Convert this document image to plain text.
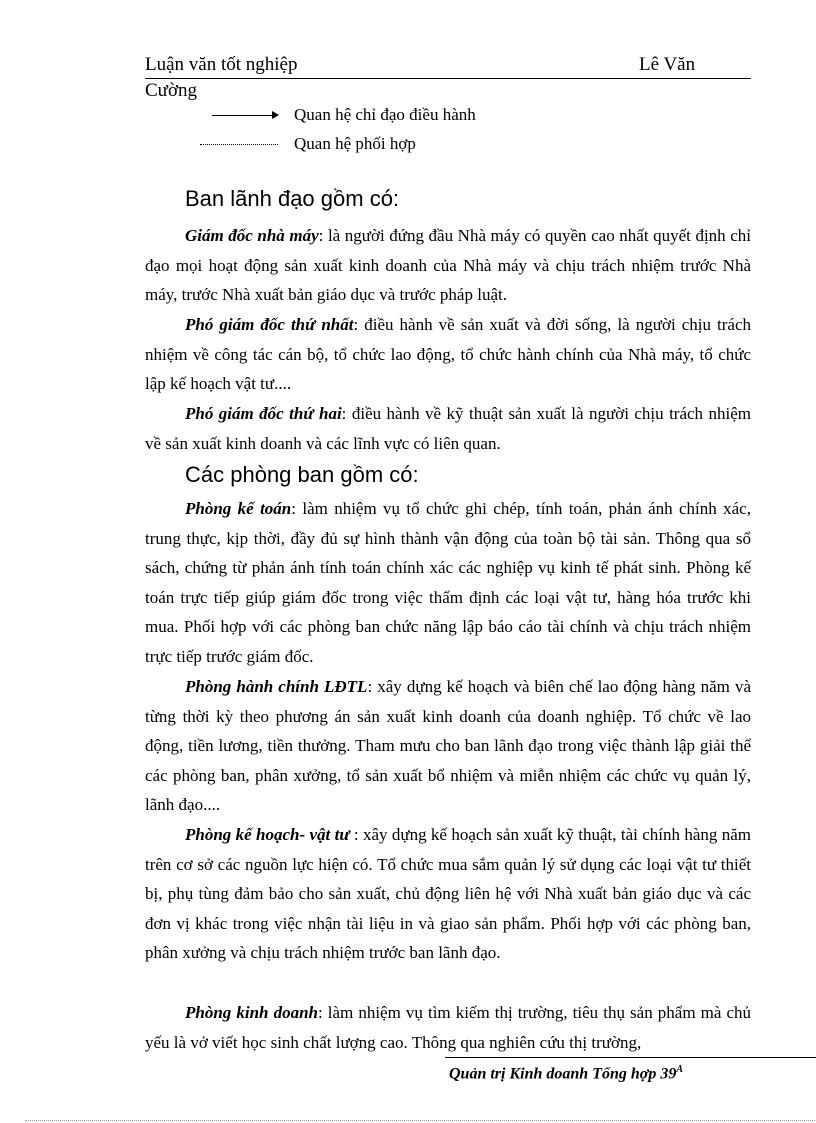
Luận văn tốt nghiệp	Lê Văn
Cường
Quan hệ chỉ đạo điều hành
Quan hệ phối hợp
Ban lãnh đạo gồm có:
Giám đốc nhà máy: là người đứng đầu Nhà máy có quyền cao nhất quyết định chỉ đạo mọi hoạt động sản xuất kinh doanh của Nhà máy và chịu trách nhiệm trước Nhà máy, trước Nhà xuất bản giáo dục và trước pháp luật.
Phó giám đốc thứ nhất: điều hành về sản xuất và đời sống, là người chịu trách nhiệm về công tác cán bộ, tổ chức lao động, tổ chức hành chính của Nhà máy, tổ chức lập kế hoạch vật tư....
Phó giám đốc thứ hai: điều hành về kỹ thuật sản xuất là người chịu trách nhiệm về sản xuất kinh doanh và các lĩnh vực có liên quan.
Các phòng ban gồm có:
Phòng kế toán: làm nhiệm vụ tổ chức ghi chép, tính toán, phản ánh chính xác, trung thực, kịp thời, đầy đủ sự hình thành vận động của toàn bộ tài sản. Thông qua sổ sách, chứng từ phản ánh tính toán chính xác các nghiệp vụ kinh tế phát sinh. Phòng kế toán trực tiếp giúp giám đốc trong việc thẩm định các loại vật tư, hàng hóa trước khi mua. Phối hợp với các phòng ban chức năng lập báo cáo tài chính và chịu trách nhiệm trực tiếp trước giám đốc.
Phòng hành chính LĐTL: xây dựng kế hoạch và biên chế lao động hàng năm và từng thời kỳ theo phương án sản xuất kinh doanh của doanh nghiệp. Tổ chức về lao động, tiền lương, tiền thưởng. Tham mưu cho ban lãnh đạo trong việc thành lập giải thể các phòng ban, phân xưởng, tổ sản xuất bổ nhiệm và miễn nhiệm các chức vụ quản lý, lãnh đạo....
Phòng kế hoạch- vật tư : xây dựng kế hoạch sản xuất kỹ thuật, tài chính hàng năm trên cơ sở các nguồn lực hiện có. Tổ chức mua sắm quản lý sử dụng các loại vật tư thiết bị, phụ tùng đảm bảo cho sản xuất, chủ động liên hệ với Nhà xuất bản giáo dục và các đơn vị khác trong việc nhận tài liệu in và giao sản phẩm. Phối hợp với các phòng ban, phân xưởng và chịu trách nhiệm trước ban lãnh đạo.
Phòng kinh doanh: làm nhiệm vụ tìm kiếm thị trường, tiêu thụ sản phẩm mà chủ yếu là vở viết học sinh chất lượng cao. Thông qua nghiên cứu thị trường,
Quản trị Kinh doanh Tổng hợp $39^A$
